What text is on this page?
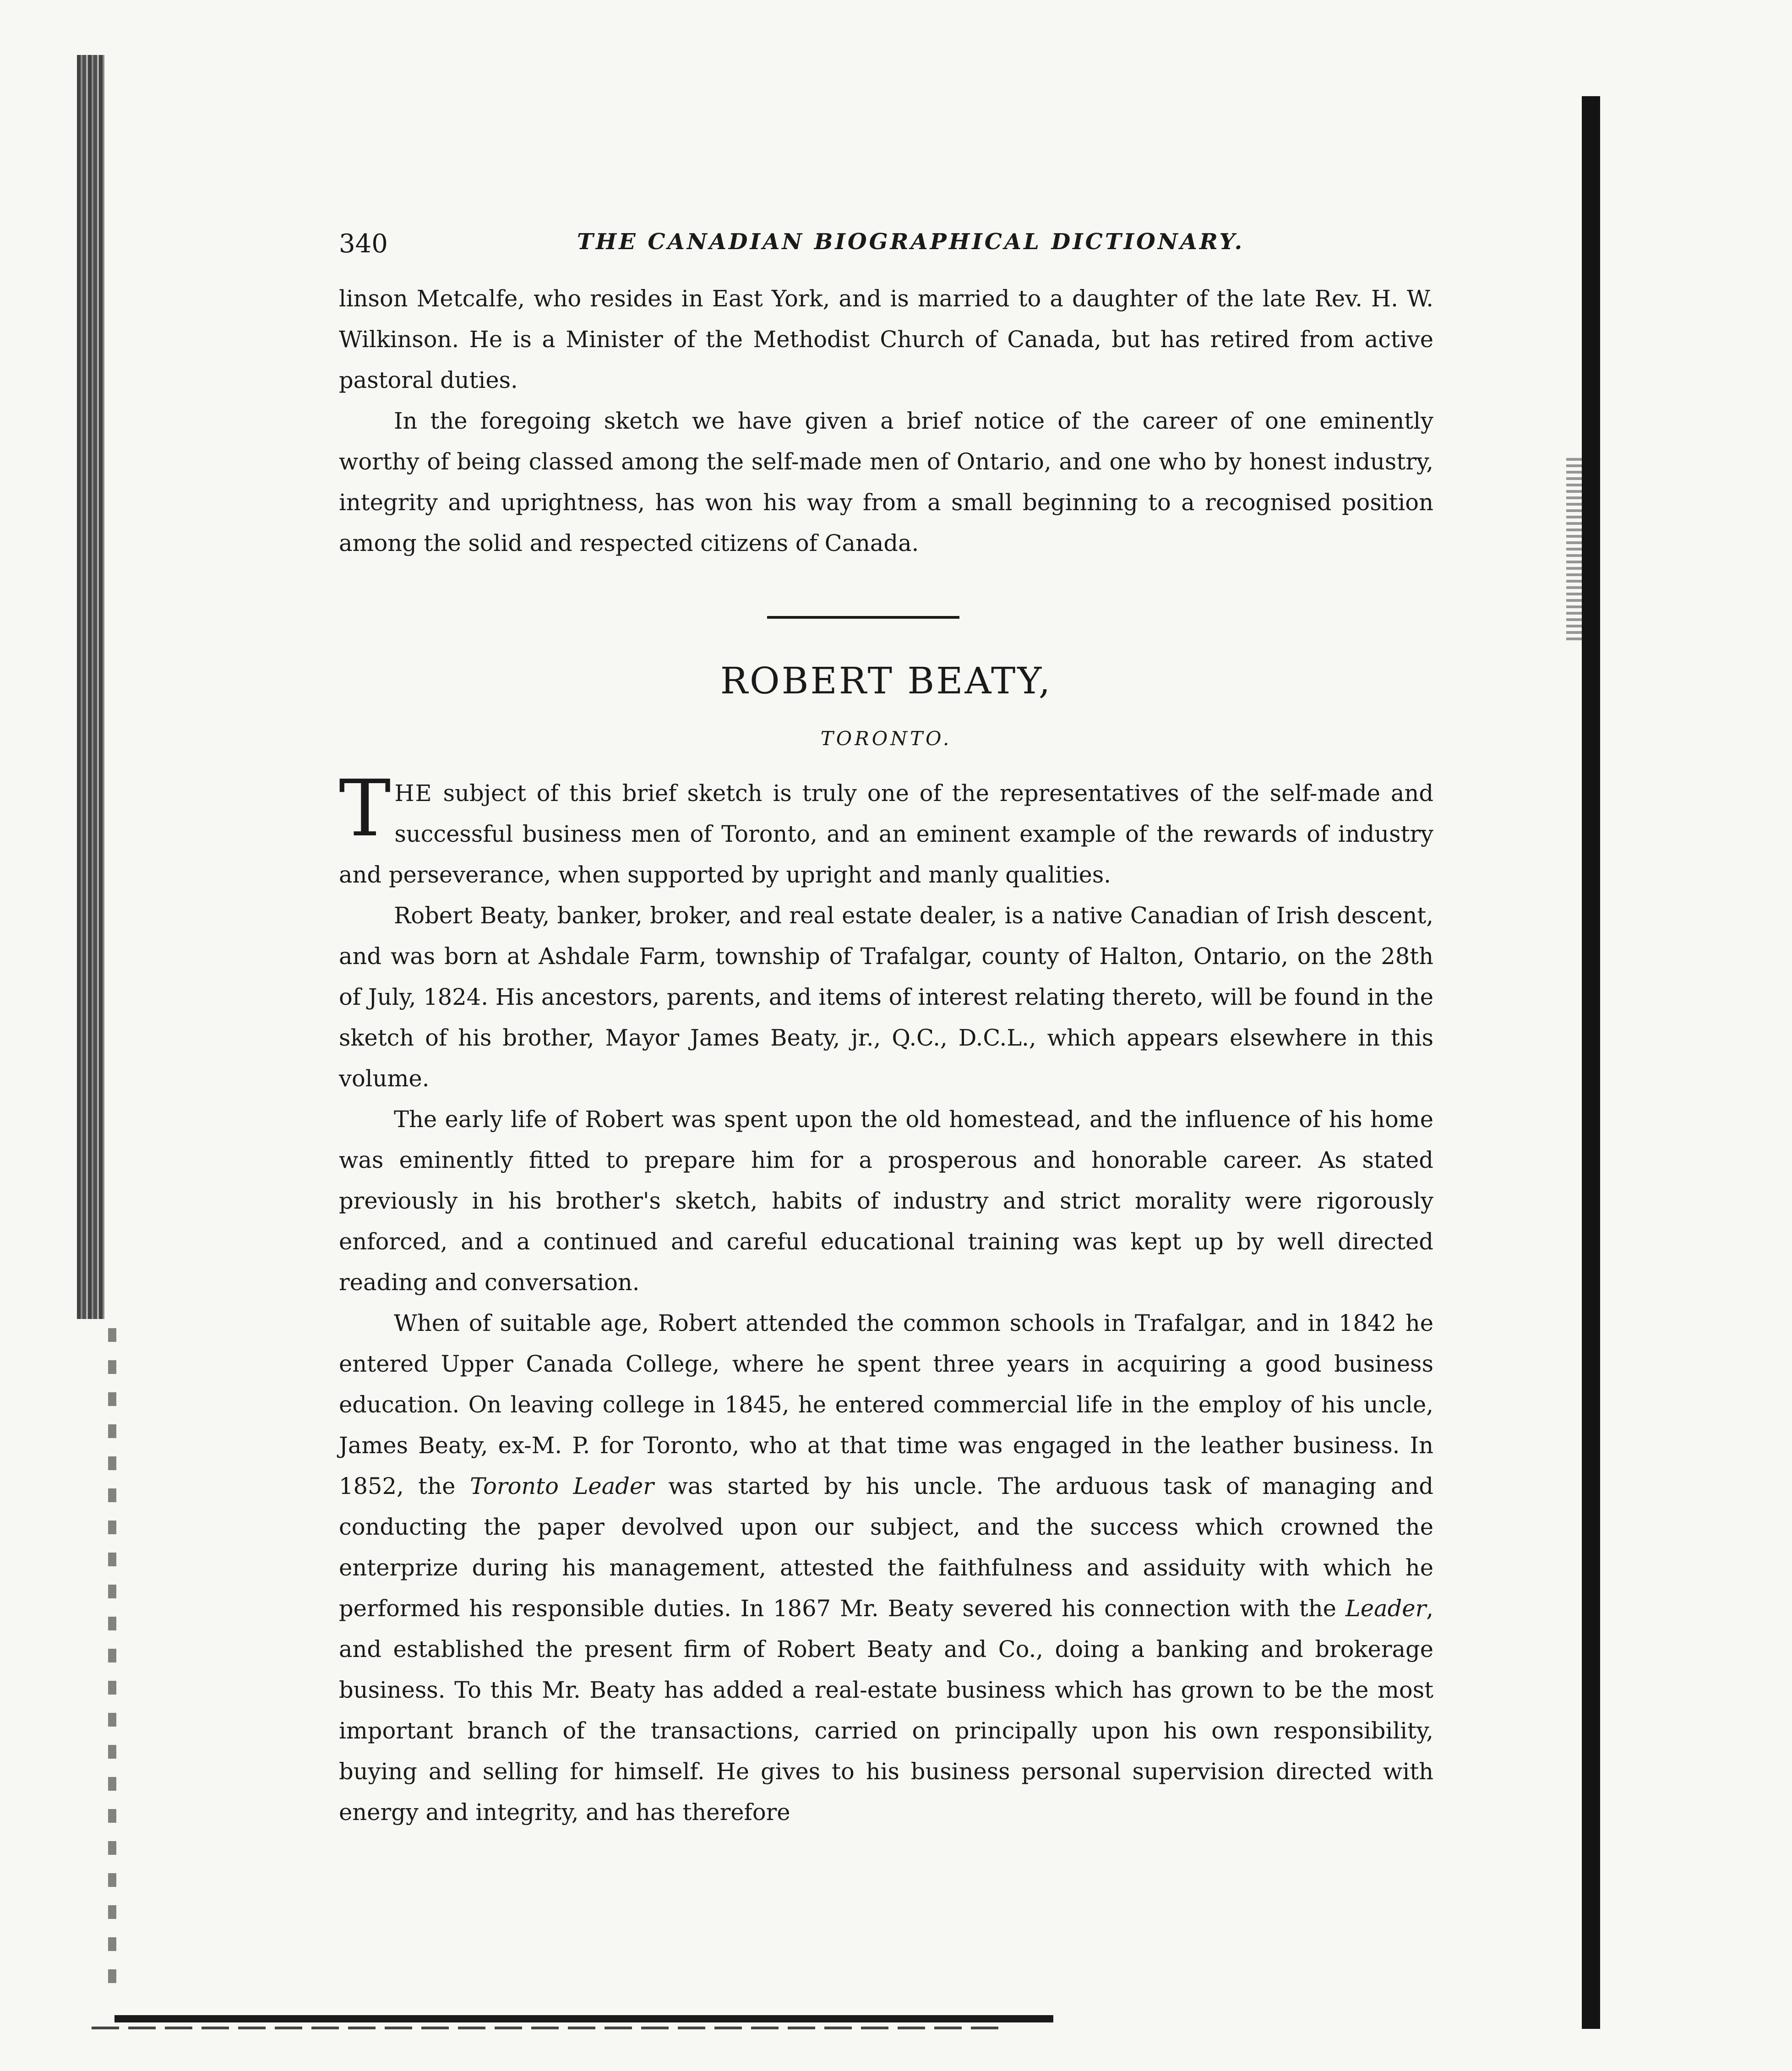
340	THE CANADIAN BIOGRAPHICAL DICTIONARY.

linson Metcalfe, who resides in East York, and is married to a daughter of the late Rev. H. W. Wilkinson. He is a Minister of the Methodist Church of Canada, but has retired from active pastoral duties.

In the foregoing sketch we have given a brief notice of the career of one eminently worthy of being classed among the self-made men of Ontario, and one who by honest industry, integrity and uprightness, has won his way from a small beginning to a recognised position among the solid and respected citizens of Canada.

ROBERT BEATY,
TORONTO.

THE subject of this brief sketch is truly one of the representatives of the self-made and successful business men of Toronto, and an eminent example of the rewards of industry and perseverance, when supported by upright and manly qualities.

Robert Beaty, banker, broker, and real estate dealer, is a native Canadian of Irish descent, and was born at Ashdale Farm, township of Trafalgar, county of Halton, Ontario, on the 28th of July, 1824. His ancestors, parents, and items of interest relating thereto, will be found in the sketch of his brother, Mayor James Beaty, jr., Q.C., D.C.L., which appears elsewhere in this volume.

The early life of Robert was spent upon the old homestead, and the influence of his home was eminently fitted to prepare him for a prosperous and honorable career. As stated previously in his brother's sketch, habits of industry and strict morality were rigorously enforced, and a continued and careful educational training was kept up by well directed reading and conversation.

When of suitable age, Robert attended the common schools in Trafalgar, and in 1842 he entered Upper Canada College, where he spent three years in acquiring a good business education. On leaving college in 1845, he entered commercial life in the employ of his uncle, James Beaty, ex-M. P. for Toronto, who at that time was engaged in the leather business. In 1852, the Toronto Leader was started by his uncle. The arduous task of managing and conducting the paper devolved upon our subject, and the success which crowned the enterprize during his management, attested the faithfulness and assiduity with which he performed his responsible duties. In 1867 Mr. Beaty severed his connection with the Leader, and established the present firm of Robert Beaty and Co., doing a banking and brokerage business. To this Mr. Beaty has added a real-estate business which has grown to be the most important branch of the transactions, carried on principally upon his own responsibility, buying and selling for himself. He gives to his business personal supervision directed with energy and integrity, and has therefore
